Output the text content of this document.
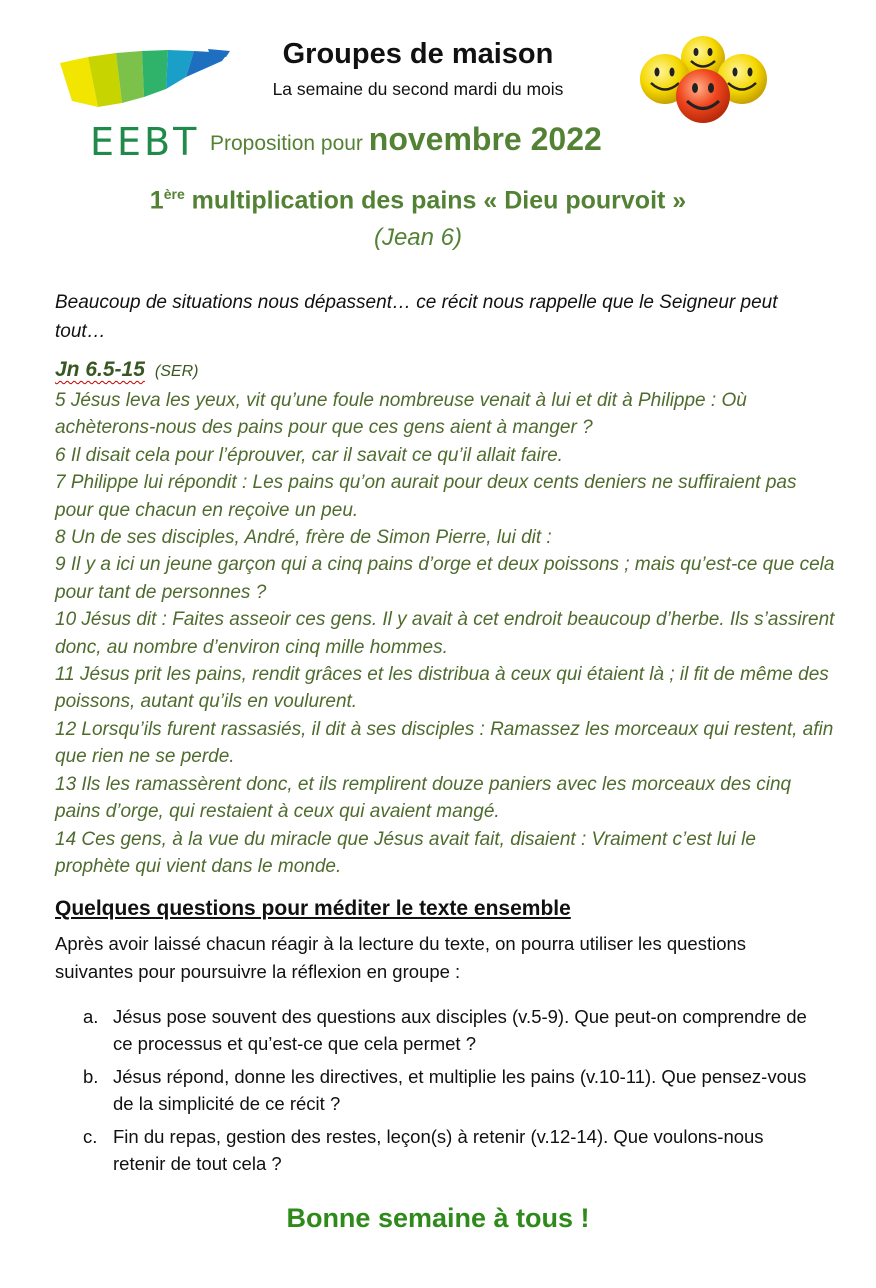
EEBT
Groupes de maison
La semaine du second mardi du mois
Proposition pour novembre 2022
1ère multiplication des pains « Dieu pourvoit »
(Jean 6)
Beaucoup de situations nous dépassent… ce récit nous rappelle que le Seigneur peut tout…
Jn 6.5-15 (SER)

5 Jésus leva les yeux, vit qu’une foule nombreuse venait à lui et dit à Philippe : Où achèterons-nous des pains pour que ces gens aient à manger ?

6 Il disait cela pour l’éprouver, car il savait ce qu’il allait faire.

7 Philippe lui répondit : Les pains qu’on aurait pour deux cents deniers ne suffiraient pas pour que chacun en reçoive un peu.

8 Un de ses disciples, André, frère de Simon Pierre, lui dit :

9 Il y a ici un jeune garçon qui a cinq pains d’orge et deux poissons ; mais qu’est-ce que cela pour tant de personnes ?

10 Jésus dit : Faites asseoir ces gens. Il y avait à cet endroit beaucoup d’herbe. Ils s’assirent donc, au nombre d’environ cinq mille hommes.

11 Jésus prit les pains, rendit grâces et les distribua à ceux qui étaient là ; il fit de même des poissons, autant qu’ils en voulurent.

12 Lorsqu’ils furent rassasiés, il dit à ses disciples : Ramassez les morceaux qui restent, afin que rien ne se perde.

13 Ils les ramassèrent donc, et ils remplirent douze paniers avec les morceaux des cinq pains d’orge, qui restaient à ceux qui avaient mangé.

14 Ces gens, à la vue du miracle que Jésus avait fait, disaient : Vraiment c’est lui le prophète qui vient dans le monde.

Quelques questions pour méditer le texte ensemble
Après avoir laissé chacun réagir à la lecture du texte, on pourra utiliser les questions suivantes pour poursuivre la réflexion en groupe :
a. Jésus pose souvent des questions aux disciples (v.5-9). Que peut-on comprendre de ce processus et qu’est-ce que cela permet ?
b. Jésus répond, donne les directives, et multiplie les pains (v.10-11). Que pensez-vous de la simplicité de ce récit ?
c. Fin du repas, gestion des restes, leçon(s) à retenir (v.12-14). Que voulons-nous retenir de tout cela ?
Bonne semaine à tous !
